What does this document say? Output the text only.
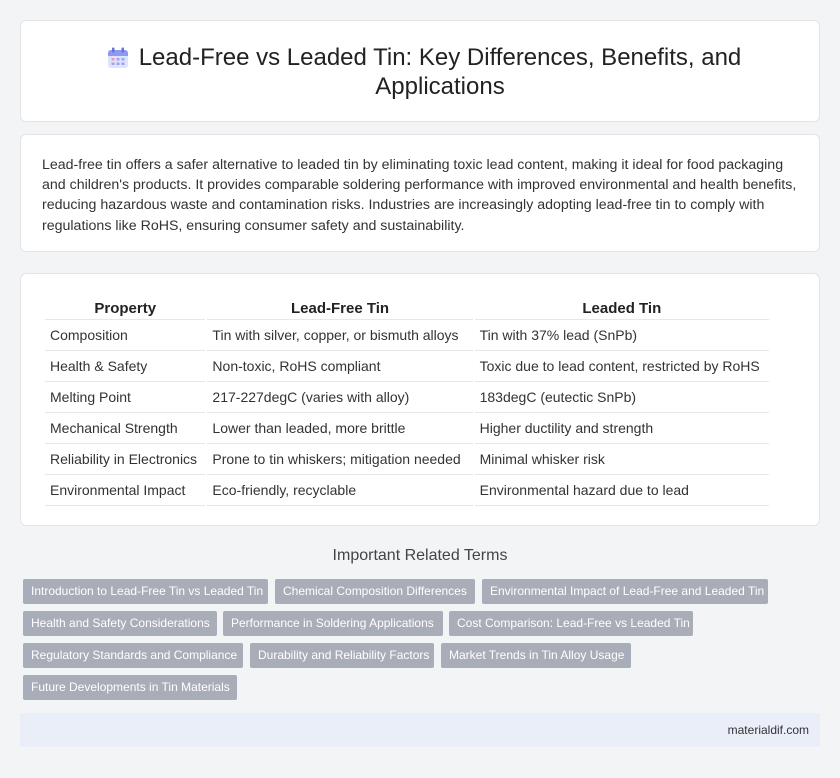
Lead-Free vs Leaded Tin: Key Differences, Benefits, and Applications

Lead-free tin offers a safer alternative to leaded tin by eliminating toxic lead content, making it ideal for food packaging and children's products. It provides comparable soldering performance with improved environmental and health benefits, reducing hazardous waste and contamination risks. Industries are increasingly adopting lead-free tin to comply with regulations like RoHS, ensuring consumer safety and sustainability.

Property	Lead-Free Tin	Leaded Tin
Composition	Tin with silver, copper, or bismuth alloys	Tin with 37% lead (SnPb)
Health & Safety	Non-toxic, RoHS compliant	Toxic due to lead content, restricted by RoHS
Melting Point	217-227degC (varies with alloy)	183degC (eutectic SnPb)
Mechanical Strength	Lower than leaded, more brittle	Higher ductility and strength
Reliability in Electronics	Prone to tin whiskers; mitigation needed	Minimal whisker risk
Environmental Impact	Eco-friendly, recyclable	Environmental hazard due to lead
Important Related Terms
Introduction to Lead-Free Tin vs Leaded Tin	Chemical Composition Differences	Environmental Impact of Lead-Free and Leaded Tin
Health and Safety Considerations	Performance in Soldering Applications	Cost Comparison: Lead-Free vs Leaded Tin
Regulatory Standards and Compliance	Durability and Reliability Factors	Market Trends in Tin Alloy Usage
Future Developments in Tin Materials
materialdif.com
